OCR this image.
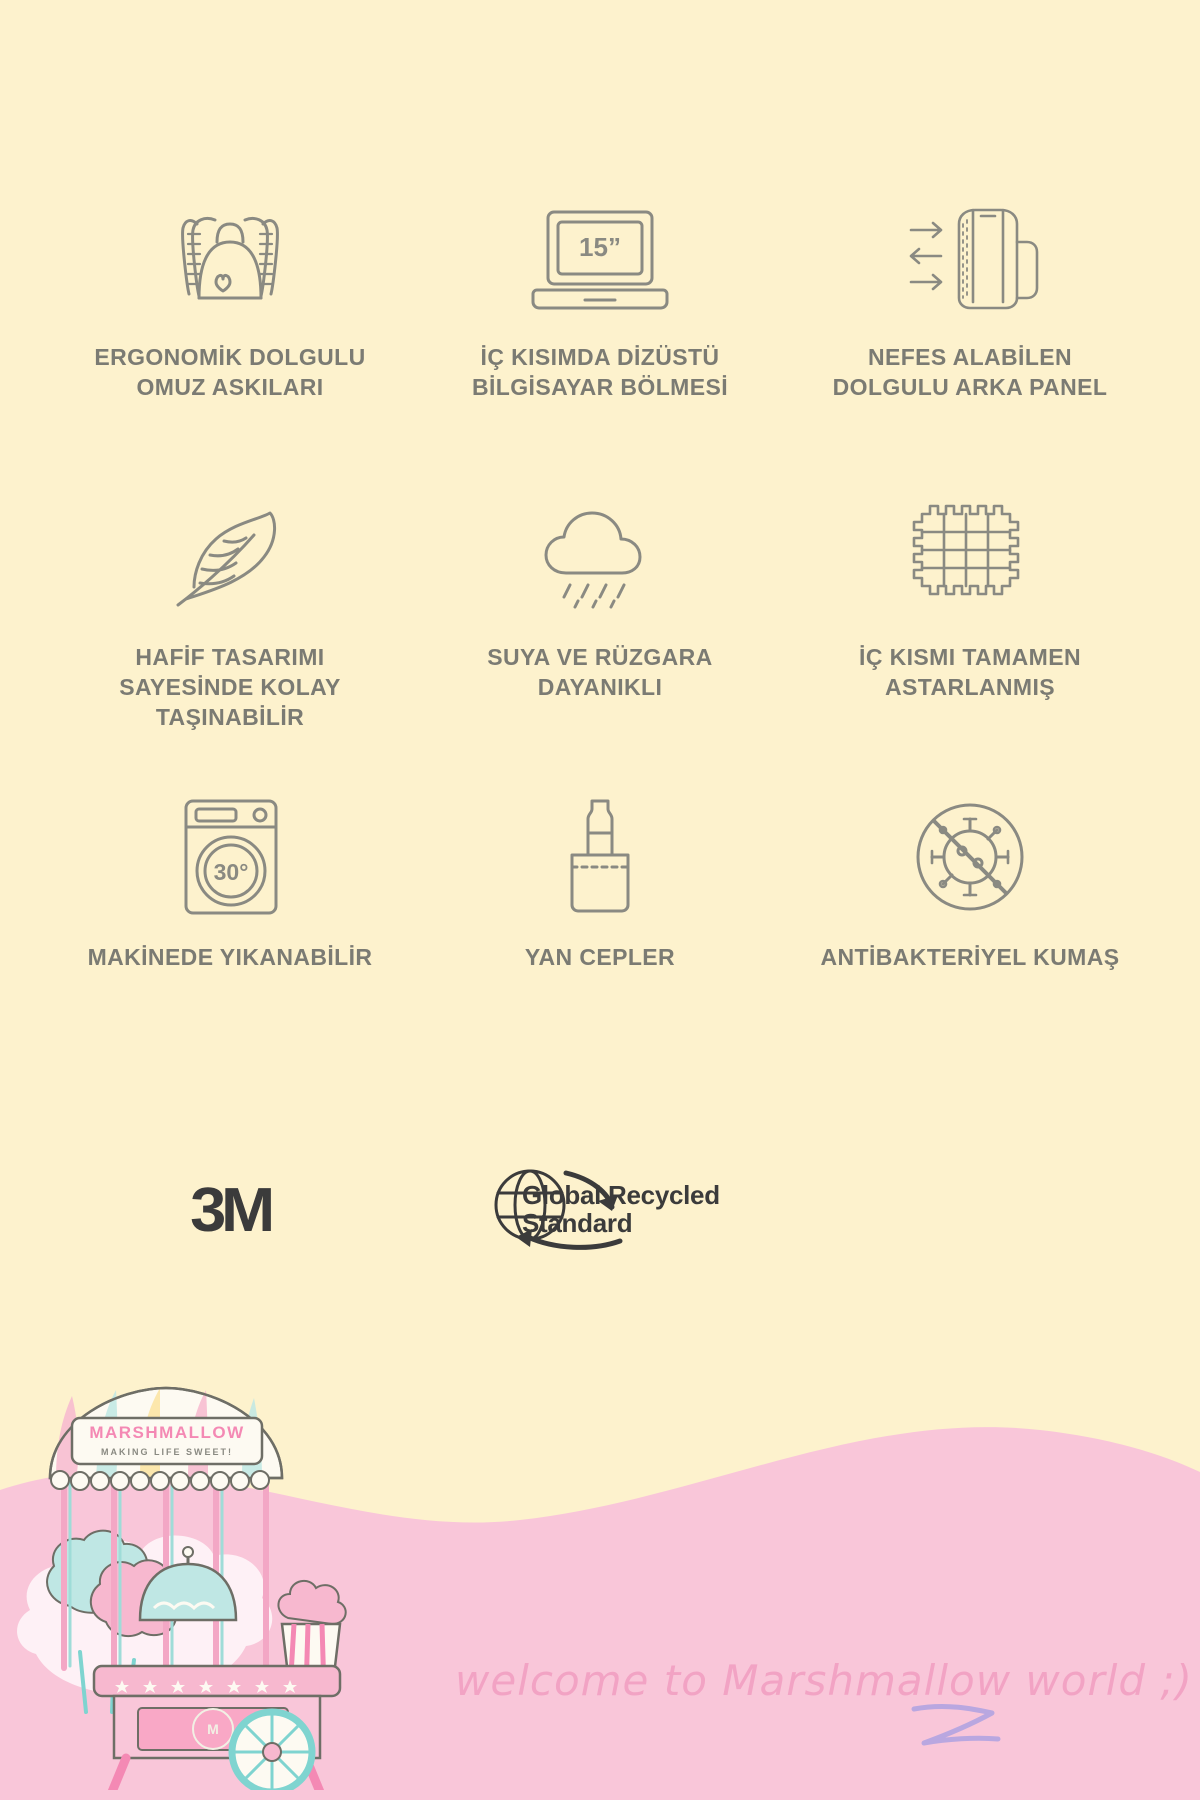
ERGONOMİK DOLGULU OMUZ ASKILARI
15”
İÇ KISIMDA DİZÜSTÜ BİLGİSAYAR BÖLMESİ
NEFES ALABİLEN DOLGULU ARKA PANEL
HAFİF TASARIMI SAYESİNDE KOLAY TAŞINABİLİR
SUYA VE RÜZGARA DAYANIKLI
İÇ KISMI TAMAMEN ASTARLANMIŞ
30°
MAKİNEDE YIKANABİLİR	YAN CEPLER	ANTİBAKTERİYEL KUMAŞ
3M	Global Recycled
Standard
MARSHMALLOW
MAKING LIFE SWEET!
M
welcome to Marshmallow world ;)
